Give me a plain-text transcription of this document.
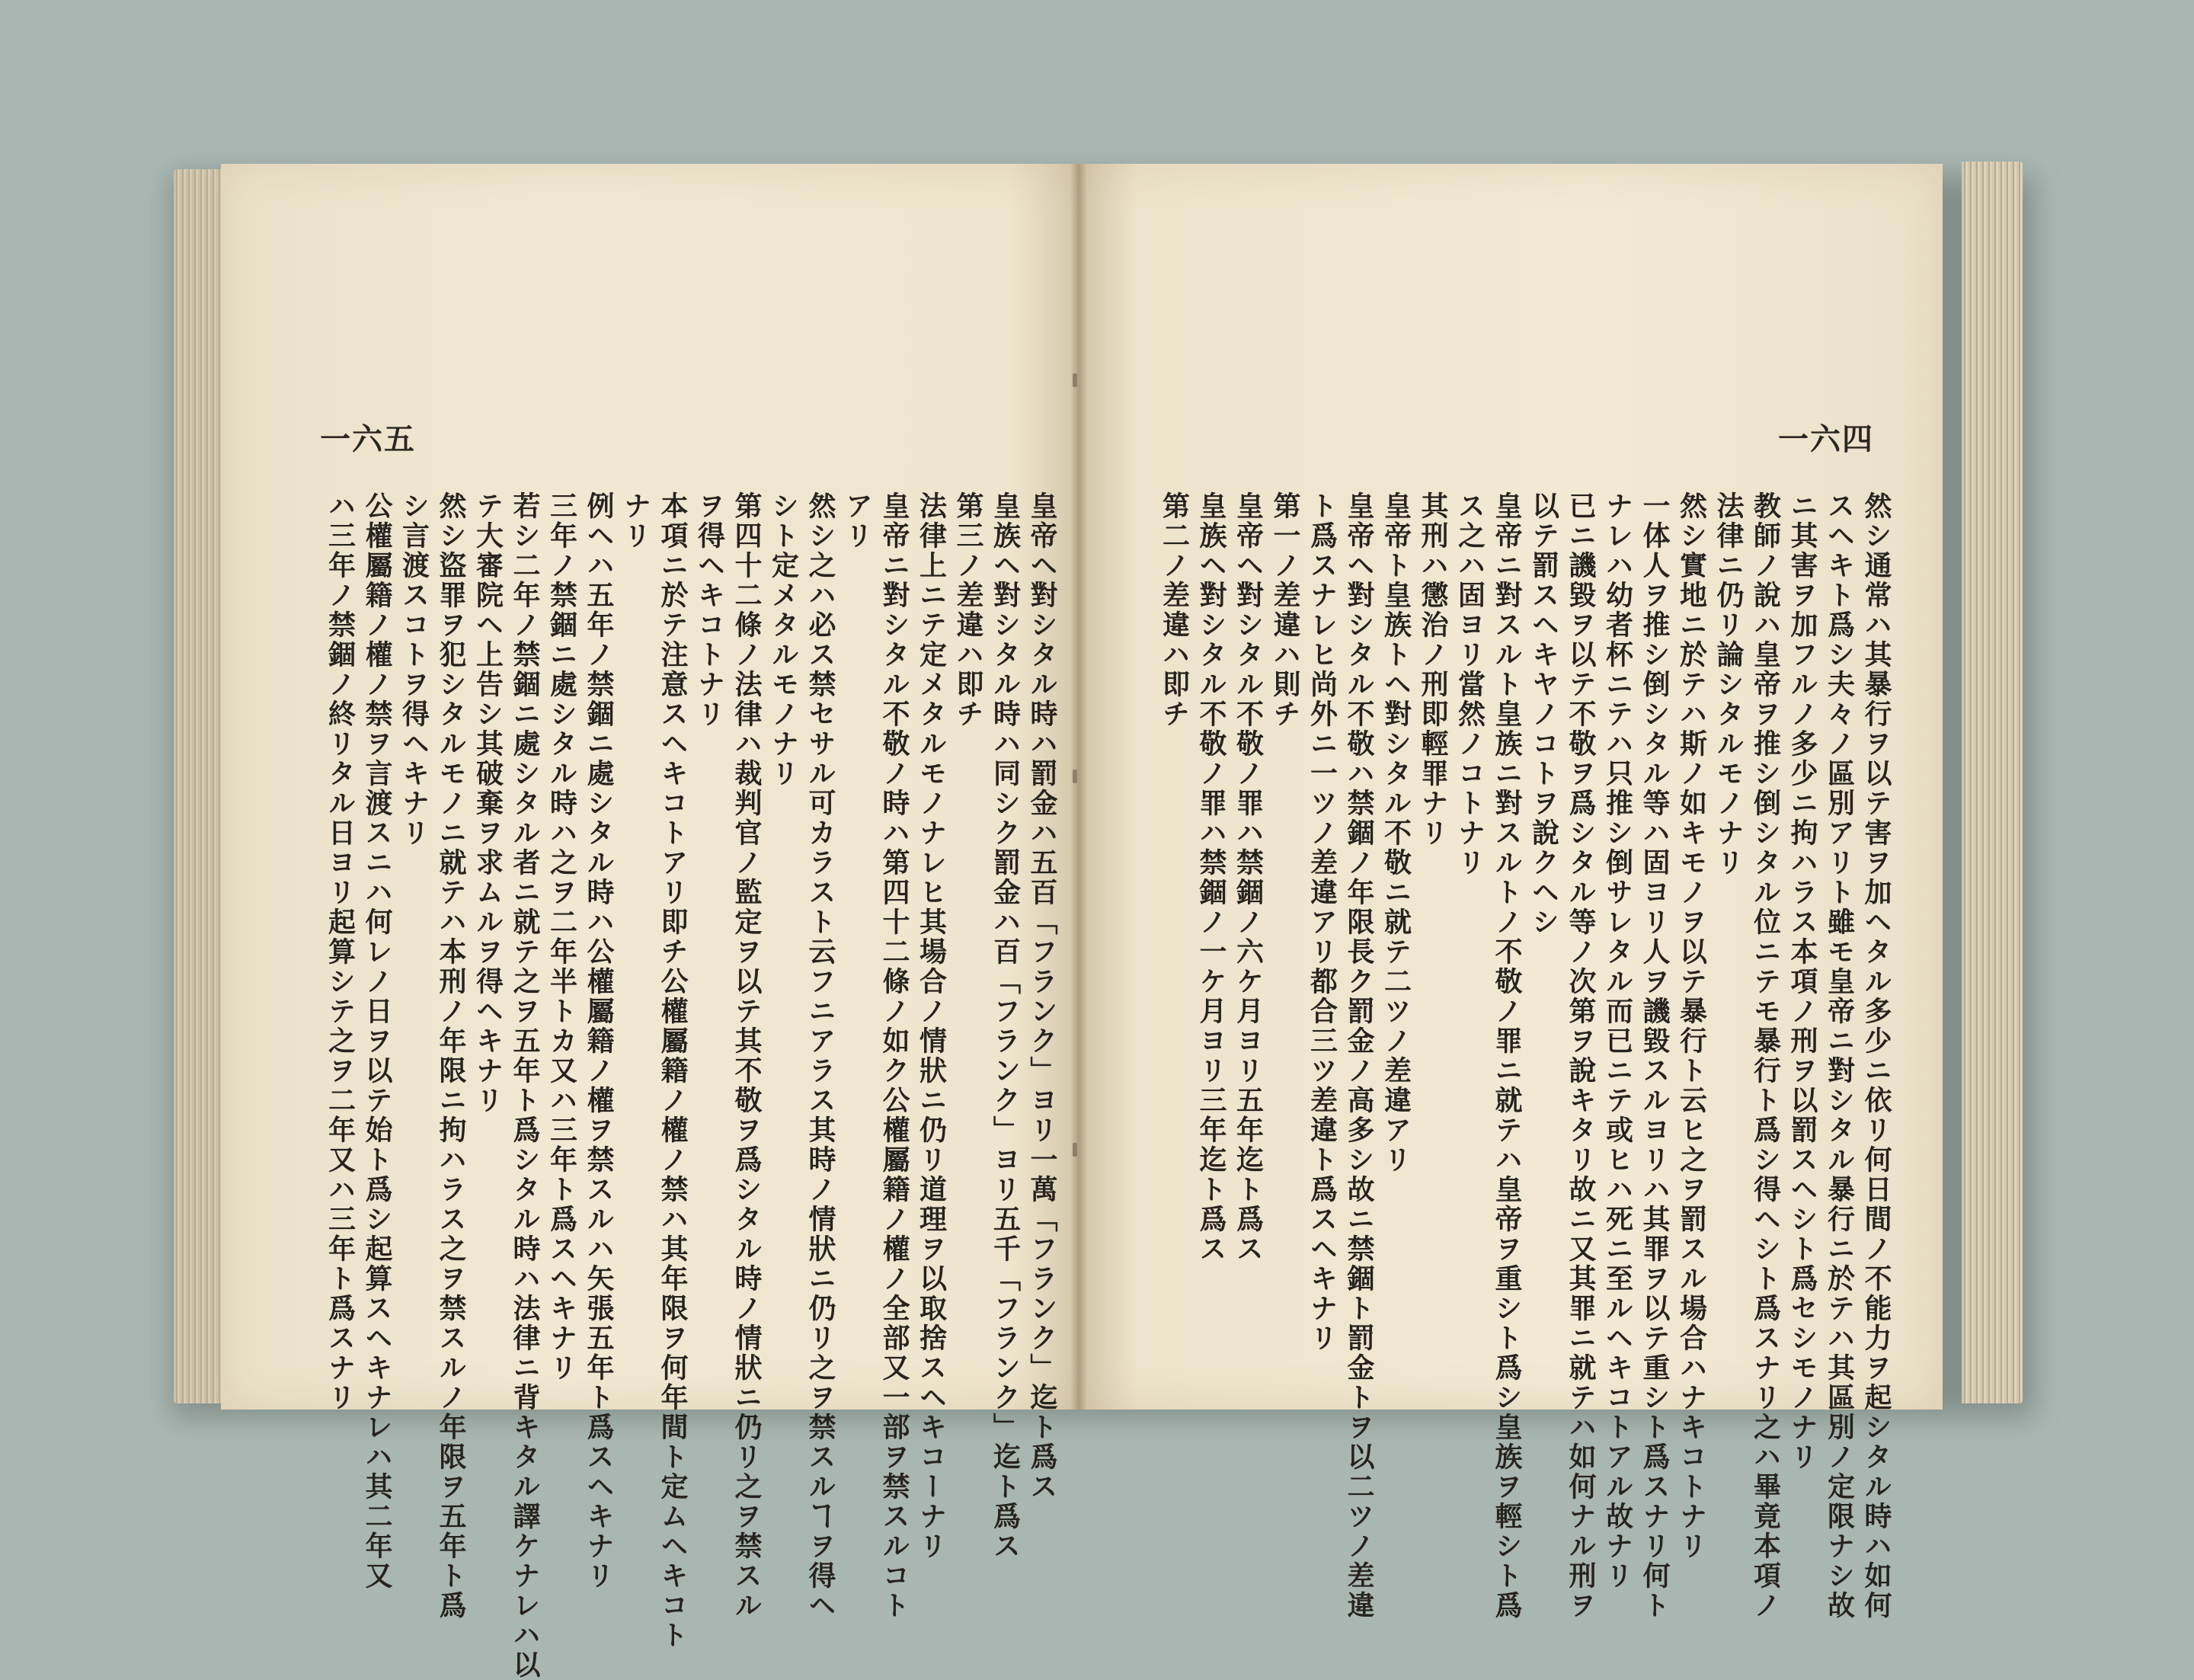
一六五

皇帝ヘ對シタル時ハ罰金ハ五百「フランク」ヨリ一萬「フランク」迄ト爲ス
皇族ヘ對シタル時ハ同シク罰金ハ百「フランク」ヨリ五千「フランク」迄ト爲ス
第三ノ差違ハ即チ
法律上ニテ定メタルモノナレヒ其場合ノ情狀ニ仍リ道理ヲ以取捨スヘキコーナリ
皇帝ニ對シタル不敬ノ時ハ第四十二條ノ如ク公權屬籍ノ權ノ全部又一部ヲ禁スルコト
アリ
然シ之ハ必ス禁セサル可カラスト云フニアラス其時ノ情狀ニ仍リ之ヲ禁スルヿヲ得ヘ
シト定メタルモノナリ
第四十二條ノ法律ハ裁判官ノ監定ヲ以テ其不敬ヲ爲シタル時ノ情狀ニ仍リ之ヲ禁スル
ヲ得ヘキコトナリ
本項ニ於テ注意スヘキコトアリ即チ公權屬籍ノ權ノ禁ハ其年限ヲ何年間ト定ムヘキコト
ナリ
例ヘハ五年ノ禁錮ニ處シタル時ハ公權屬籍ノ權ヲ禁スルハ矢張五年ト爲スヘキナリ
三年ノ禁錮ニ處シタル時ハ之ヲ二年半トカ又ハ三年ト爲スヘキナリ
若シ二年ノ禁錮ニ處シタル者ニ就テ之ヲ五年ト爲シタル時ハ法律ニ背キタル譯ケナレハ以
テ大審院ヘ上告シ其破棄ヲ求ムルヲ得ヘキナリ
然シ盜罪ヲ犯シタルモノニ就テハ本刑ノ年限ニ拘ハラス之ヲ禁スルノ年限ヲ五年ト爲
シ言渡スコトヲ得ヘキナリ
公權屬籍ノ權ノ禁ヲ言渡スニハ何レノ日ヲ以テ始ト爲シ起算スヘキナレハ其二年又
ハ三年ノ禁錮ノ終リタル日ヨリ起算シテ之ヲ二年又ハ三年ト爲スナリ
一六四
然シ通常ハ其暴行ヲ以テ害ヲ加ヘタル多少ニ依リ何日間ノ不能力ヲ起シタル時ハ如何
スヘキト爲シ夫々ノ區別アリト雖モ皇帝ニ對シタル暴行ニ於テハ其區別ノ定限ナシ故
ニ其害ヲ加フルノ多少ニ拘ハラス本項ノ刑ヲ以罰スヘシト爲セシモノナリ
教師ノ說ハ皇帝ヲ推シ倒シタル位ニテモ暴行ト爲シ得ヘシト爲スナリ之ハ畢竟本項ノ
法律ニ仍リ論シタルモノナリ
然シ實地ニ於テハ斯ノ如キモノヲ以テ暴行ト云ヒ之ヲ罰スル場合ハナキコトナリ
一体人ヲ推シ倒シタル等ハ固ヨリ人ヲ譏毀スルヨリハ其罪ヲ以テ重シト爲スナリ何ト
ナレハ幼者杯ニテハ只推シ倒サレタル而已ニテ或ヒハ死ニ至ルヘキコトアル故ナリ
已ニ譏毀ヲ以テ不敬ヲ爲シタル等ノ次第ヲ說キタリ故ニ又其罪ニ就テハ如何ナル刑ヲ
以テ罰スヘキヤノコトヲ說クヘシ
皇帝ニ對スルト皇族ニ對スルトノ不敬ノ罪ニ就テハ皇帝ヲ重シト爲シ皇族ヲ輕シト爲
ス之ハ固ヨリ當然ノコトナリ
其刑ハ懲治ノ刑即輕罪ナリ
皇帝ト皇族トヘ對シタル不敬ニ就テ二ツノ差違アリ
皇帝ヘ對シタル不敬ハ禁錮ノ年限長ク罰金ノ高多シ故ニ禁錮ト罰金トヲ以二ツノ差違
ト爲スナレヒ尚外ニ一ツノ差違アリ都合三ツ差違ト爲スヘキナリ
第一ノ差違ハ則チ
皇帝ヘ對シタル不敬ノ罪ハ禁錮ノ六ケ月ヨリ五年迄ト爲ス
皇族ヘ對シタル不敬ノ罪ハ禁錮ノ一ケ月ヨリ三年迄ト爲ス
第二ノ差違ハ即チ
